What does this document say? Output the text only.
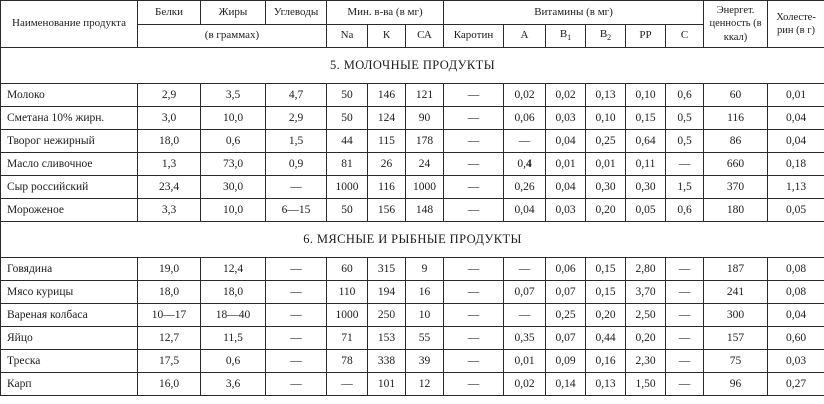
Наименование продукта	Белки	Жиры	Углеводы	Мин. в-ва (в мг)			Витамины (в мг)						Энергет. ценность (в ккал)	Холесте-рин (в г)
	(в граммах)			Na	К	СА	Каротин	А	$В_1$	$В_2$	РР	С		
5. МОЛОЧНЫЕ ПРОДУКТЫ														
Молоко	2,9	3,5	4,7	50	146	121	—	0,02	0,02	0,13	0,10	0,6	60	0,01
Сметана 10% жирн.	3,0	10,0	2,9	50	124	90	—	0,06	0,03	0,10	0,15	0,5	116	0,04
Творог нежирный	18,0	0,6	1,5	44	115	178	—	—	0,04	0,25	0,64	0,5	86	0,04
Масло сливочное	1,3	73,0	0,9	81	26	24	—	0,4	0,01	0,01	0,11	—	660	0,18
Сыр российский	23,4	30,0	—	1000	116	1000	—	0,26	0,04	0,30	0,30	1,5	370	1,13
Мороженое	3,3	10,0	6—15	50	156	148	—	0,04	0,03	0,20	0,05	0,6	180	0,05
6. МЯСНЫЕ И РЫБНЫЕ ПРОДУКТЫ														
Говядина	19,0	12,4	—	60	315	9	—	—	0,06	0,15	2,80	—	187	0,08
Мясо курицы	18,0	18,0	—	110	194	16	—	0,07	0,07	0,15	3,70	—	241	0,08
Вареная колбаса	10—17	18—40	—	1000	250	10	—	—	0,25	0,20	2,50	—	300	0,04
Яйцо	12,7	11,5	—	71	153	55	—	0,35	0,07	0,44	0,20	—	157	0,60
Треска	17,5	0,6	—	78	338	39	—	0,01	0,09	0,16	2,30	—	75	0,03
Карп	16,0	3,6	—	—	101	12	—	0,02	0,14	0,13	1,50	—	96	0,27
